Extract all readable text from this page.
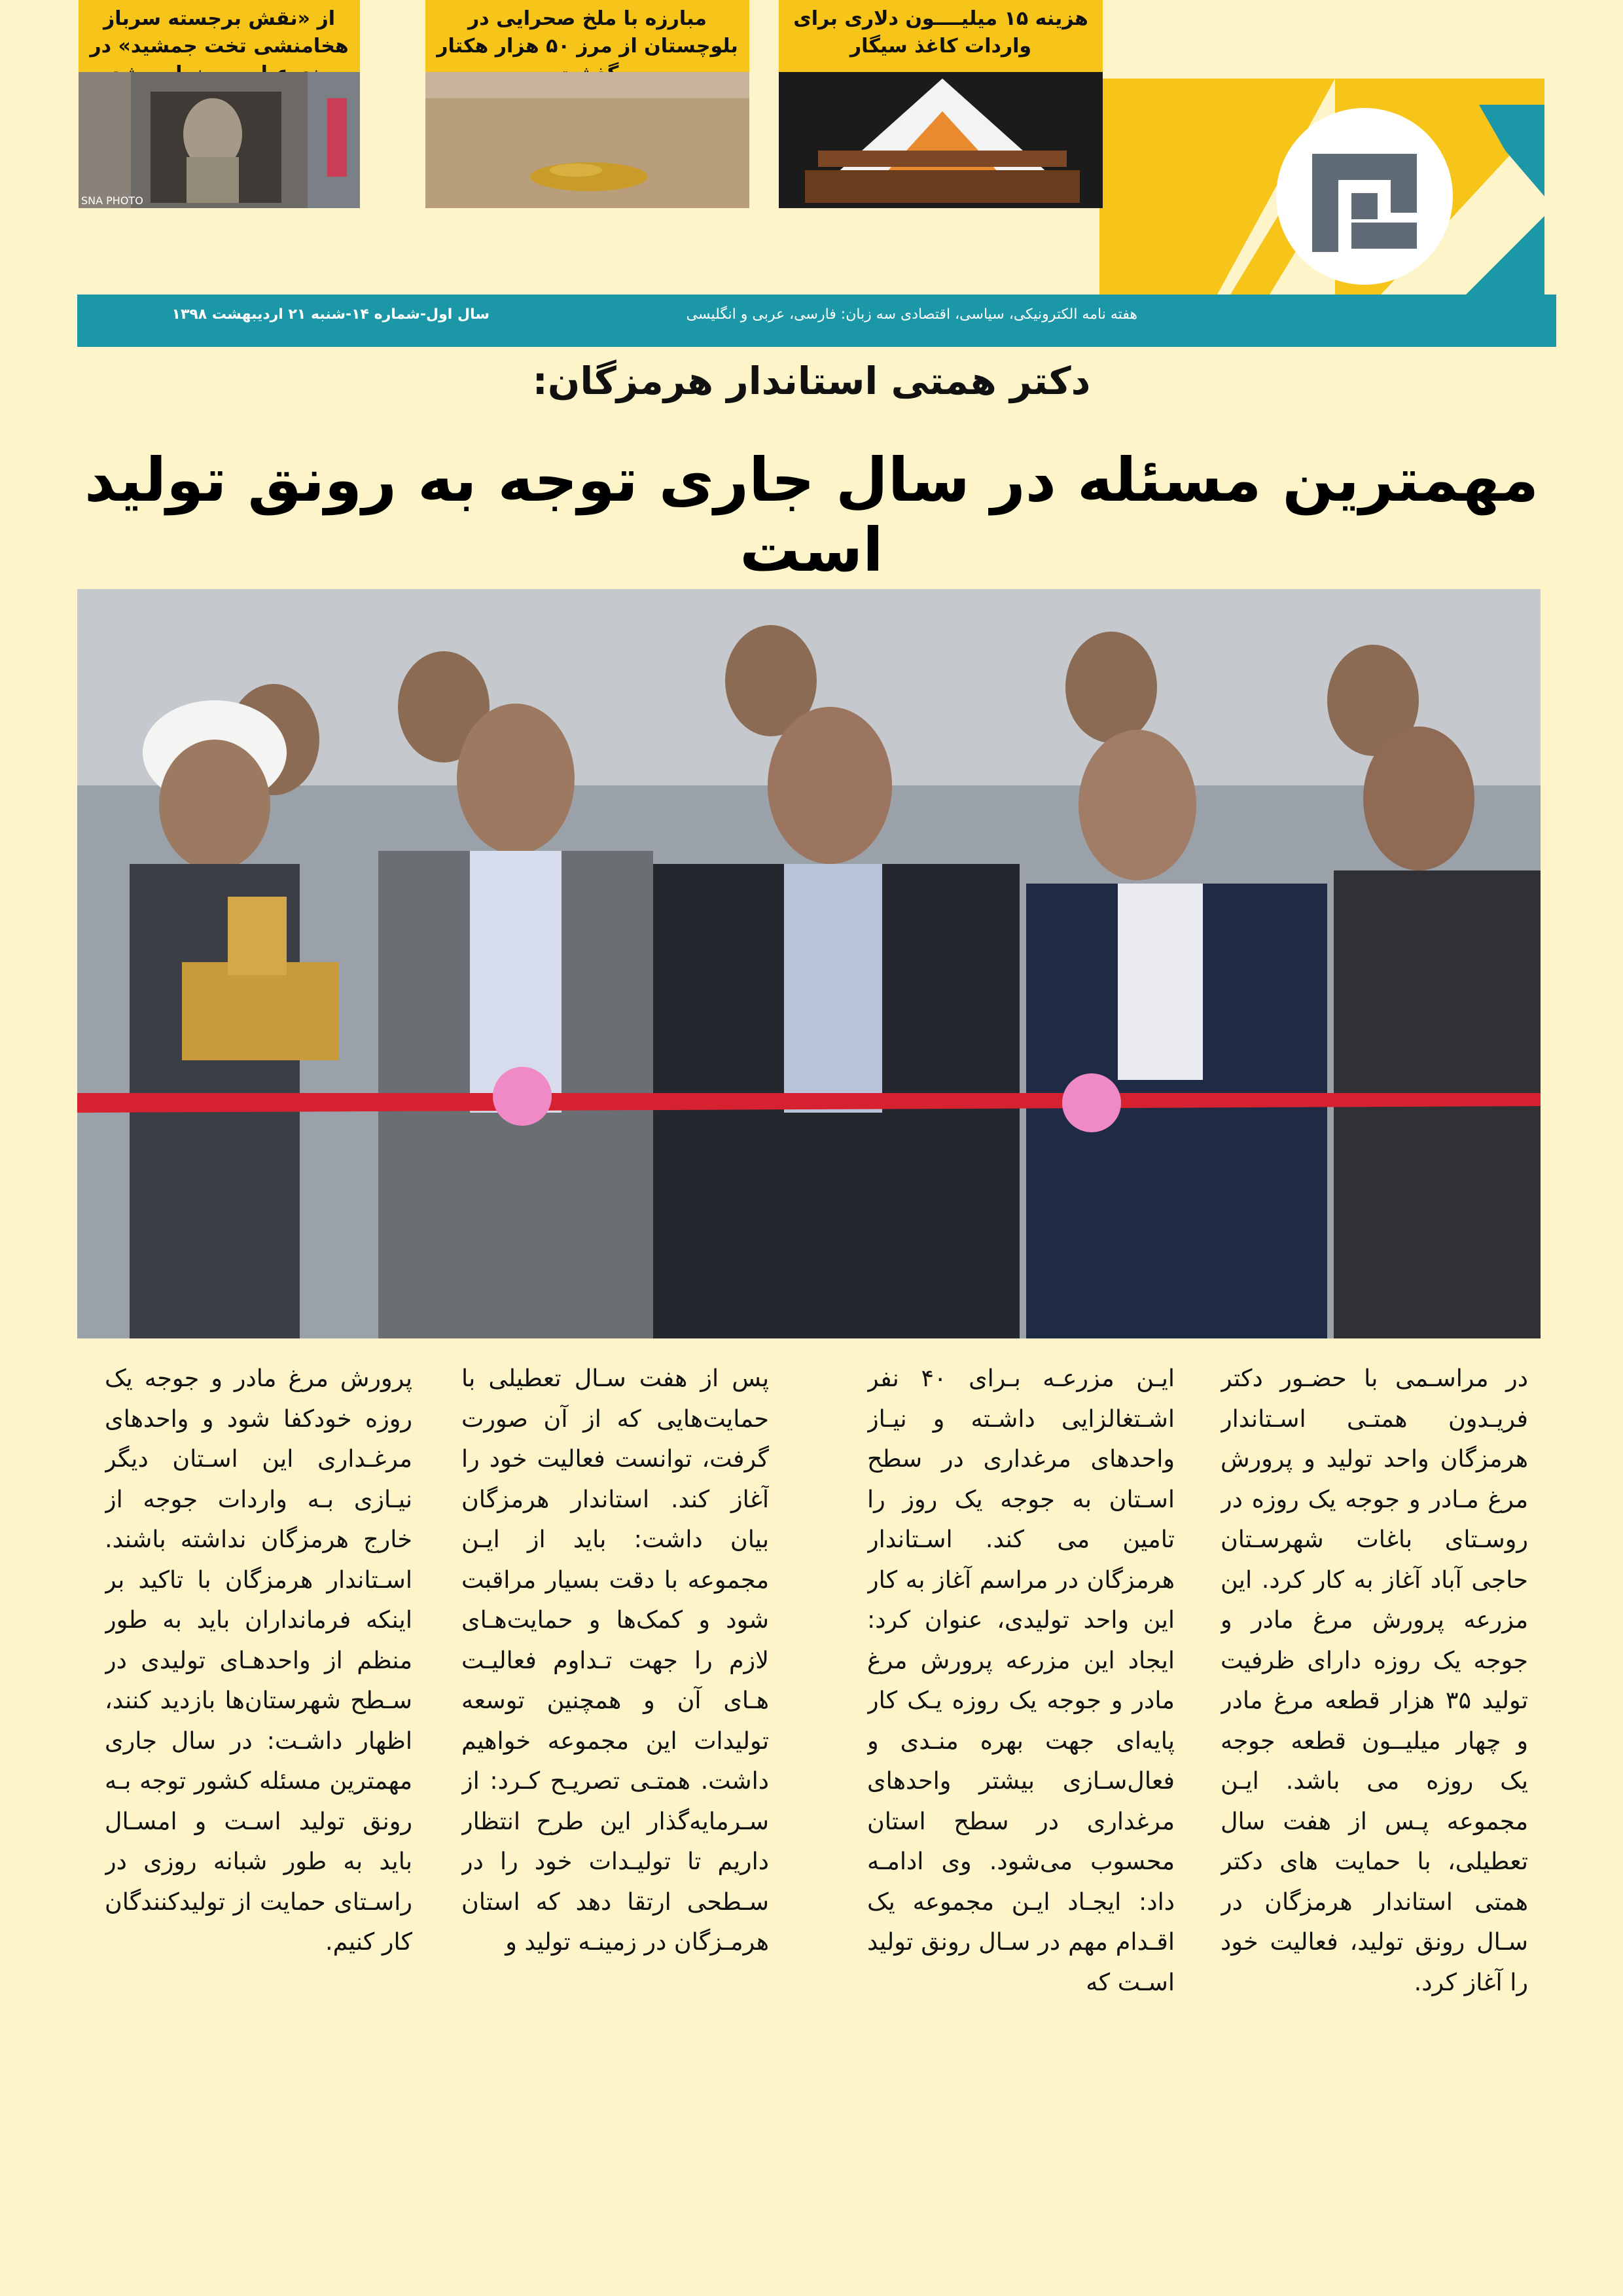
از «نقش برجسته سرباز هخامنشی تخت جمشید» در
SNA PHOTO
مبارزه با ملخ صحرایی در بلوچستان از مرز ۵۰ هزار هکتار
هزینه ۱۵ میلیــــون دلاری برای واردات کاغذ سیگار
هفته نامه الکترونیکی، سیاسی، اقتصادی سه زبان: فارسی، عربی و انگلیسی
سال اول-شماره ۱۴-شنبه ۲۱ اردیبهشت ۱۳۹۸
دکتر همتی استاندار هرمزگان:
مهمترین مسئله در سال جاری توجه به رونق تولید است

در مراسـمی با حضـور دکتر فریـدون همتـی اسـتاندار هرمزگان واحد تولید و پرورش مرغ مـادر و جوجه یک روزه در روسـتای باغات شهرسـتان حاجی آباد آغاز به کار کرد. این مزرعه پرورش مرغ مادر و جوجه یک روزه دارای ظرفیت تولید ۳۵ هزار قطعه مرغ مادر و چهار میلیــون قطعه جوجه یک روزه می باشد. ایـن مجموعه پـس از هفت سال تعطیلی، با حمایت های دکتر همتی استاندار هرمزگان در سـال رونق تولید، فعالیت خود را آغاز کرد.

ایـن مزرعـه بـرای ۴۰ نفر اشـتغالزایی داشـته و نیـاز واحدهای مرغداری در سطح اسـتان به جوجه یک روز را تامین می کند. اسـتاندار هرمزگان در مراسم آغاز به کار این واحد تولیدی، عنوان کرد: ایجاد این مزرعه پرورش مرغ مادر و جوجه یک روزه یـک کار پایه‌ای جهت بهره منـدی و فعال‌سـازی بیشتر واحدهای مرغداری در سطح استان محسوب می‌شود. وی ادامـه داد: ایجـاد ایـن مجموعه یک اقـدام مهم در سـال رونق تولید اسـت که

پس از هفت سـال تعطیلی با حمایت‌هایی که از آن صورت گرفت، توانست فعالیت خود را آغاز کند. استاندار هرمزگان بیان داشت: باید از ایـن مجموعه با دقت بسیار مراقبت شود و کمک‌ها و حمایت‌هـای لازم را جهت تـداوم فعالیـت هـای آن و همچنین توسعه تولیدات این مجموعه خواهیم داشت. همتـی تصریـح کـرد: از سـرمایه‌گذار این طرح انتظار داریم تا تولیـدات خود را در سـطحی ارتقا دهد که استان هرمـزگان در زمینـه تولید و

پرورش مرغ مادر و جوجه یک روزه خودکفا شود و واحدهای مرغـداری این اسـتان دیگر نیـازی بـه واردات جوجه از خارج هرمزگان نداشته باشند. اسـتاندار هرمزگان با تاکید بر اینکه فرمانداران باید به طور منظم از واحدهـای تولیدی در سـطح شهرستان‌ها بازدید کنند، اظهار داشـت: در سال جاری مهمترین مسئله کشور توجه بـه رونق تولید اسـت و امسـال باید به طور شبانه روزی در راسـتای حمایت از تولیدکنندگان کار کنیم.
